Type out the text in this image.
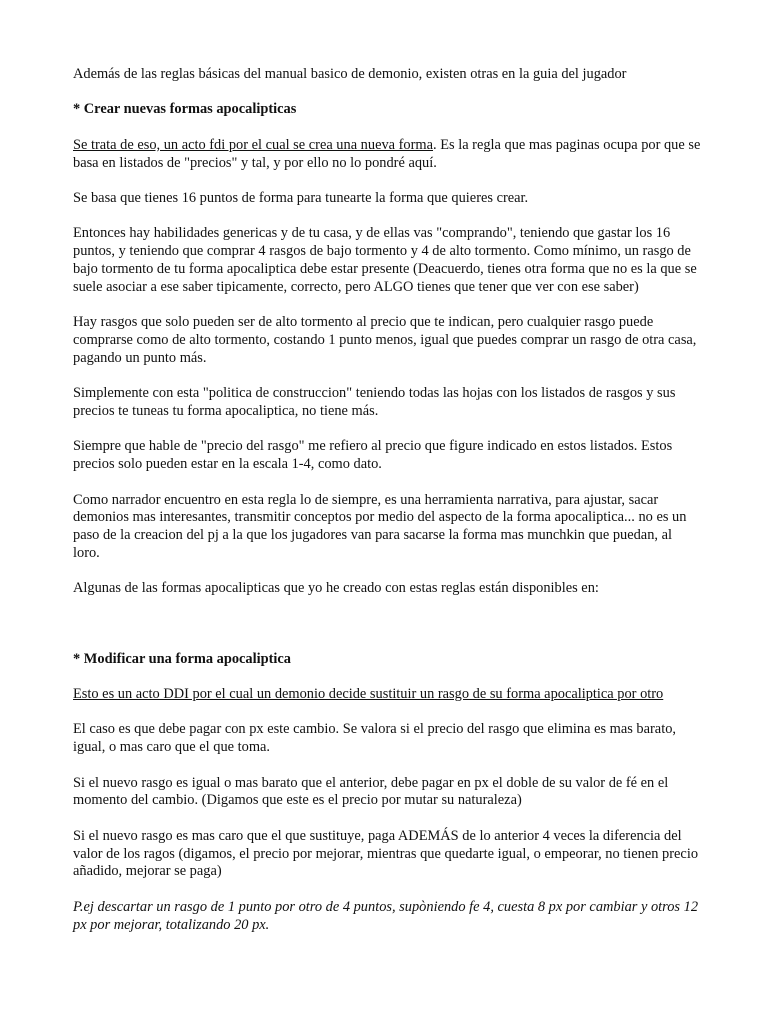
Además de las reglas básicas del manual basico de demonio, existen otras en la guia del jugador

* Crear nuevas formas apocalipticas

Se trata de eso, un acto fdi por el cual se crea una nueva forma. Es la regla que mas paginas ocupa por que se basa en listados de "precios" y tal, y por ello no lo pondré aquí.

Se basa que tienes 16 puntos de forma para tunearte la forma que quieres crear.

Entonces hay habilidades genericas y de tu casa, y de ellas vas "comprando", teniendo que gastar los 16 puntos, y teniendo que comprar 4 rasgos de bajo tormento y 4 de alto tormento. Como mínimo, un rasgo de bajo tormento de tu forma apocaliptica debe estar presente (Deacuerdo, tienes otra forma que no es la que se suele asociar a ese saber tipicamente, correcto, pero ALGO tienes que tener que ver con ese saber)

Hay rasgos que solo pueden ser de alto tormento al precio que te indican, pero cualquier rasgo puede comprarse como de alto tormento, costando 1 punto menos, igual que puedes comprar un rasgo de otra casa, pagando un punto más.

Simplemente con esta "politica de construccion" teniendo todas las hojas con los listados de rasgos y sus precios te tuneas tu forma apocaliptica, no tiene más.

Siempre que hable de "precio del rasgo" me refiero al precio que figure indicado en estos listados. Estos precios solo pueden estar en la escala 1-4, como dato.

Como narrador encuentro en esta regla lo de siempre, es una herramienta narrativa, para ajustar, sacar demonios mas interesantes, transmitir conceptos por medio del aspecto de la forma apocaliptica... no es un paso de la creacion del pj a la que los jugadores van para sacarse la forma mas munchkin que puedan, al loro.

Algunas de las formas apocalipticas que yo he creado con estas reglas están disponibles en:

* Modificar una forma apocaliptica

Esto es un acto DDI por el cual un demonio decide sustituir un rasgo de su forma apocaliptica por otro

El caso es que debe pagar con px este cambio. Se valora si el precio del rasgo que elimina es mas barato, igual, o mas caro que el que toma.

Si el nuevo rasgo es igual o mas barato que el anterior, debe pagar en px el doble de su valor de fé en el momento del cambio. (Digamos que este es el precio por mutar su naturaleza)

Si el nuevo rasgo es mas caro que el que sustituye, paga ADEMÁS de lo anterior 4 veces la diferencia del valor de los ragos (digamos, el precio por mejorar, mientras que quedarte igual, o empeorar, no tienen precio añadido, mejorar se paga)

P.ej descartar un rasgo de 1 punto por otro de 4 puntos, supòniendo fe 4, cuesta 8 px por cambiar y otros 12 px por mejorar, totalizando 20 px.
